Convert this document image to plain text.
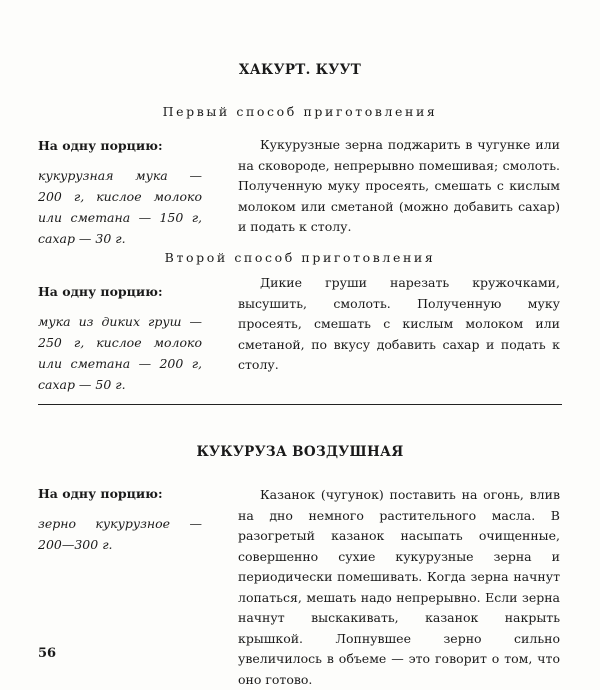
ХАКУРТ. КУУТ
Первый способ приготовления
На одну порцию:
кукурузная мука —
200 г, кислое молоко
или сметана — 150 г,
сахар — 30 г.

Кукурузные зерна поджарить в чугунке или на сковороде, непрерывно помешивая; смолоть. Полученную муку просеять, смешать с кислым молоком или сметаной (можно добавить сахар) и подать к столу.

Второй способ приготовления
На одну порцию:
мука из диких груш —
250 г, кислое молоко
или сметана — 200 г,
сахар — 50 г.

Дикие груши нарезать кружочками, высушить, смолоть. Полученную муку просеять, смешать с кислым молоком или сметаной, по вкусу добавить сахар и подать к столу.

КУКУРУЗА ВОЗДУШНАЯ
На одну порцию:
зерно кукурузное —
200—300 г.

Казанок (чугунок) поставить на огонь, влив на дно немного растительного масла. В разогретый казанок насыпать очищенные, совершенно сухие кукурузные зерна и периодически помешивать. Когда зерна начнут лопаться, мешать надо непрерывно. Если зерна начнут выскакивать, казанок накрыть крышкой. Лопнувшее зерно сильно увеличилось в объеме — это говорит о том, что оно готово.

56
